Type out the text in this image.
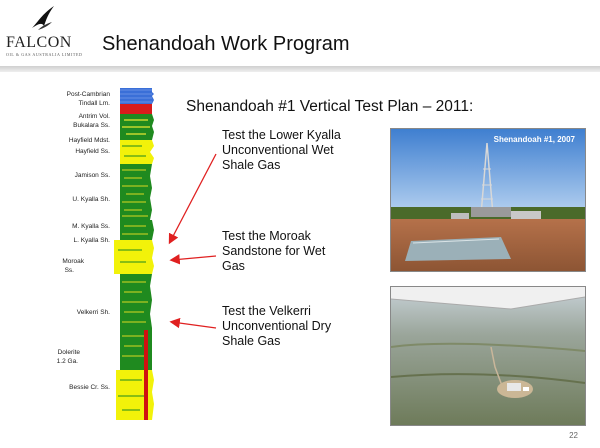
FALCON
OIL & GAS AUSTRALIA LIMITED Shenandoah Work Program
Post-Cambrian
Tindall Lm.
Antrim Vol.
Bukalara Ss.
Hayfield Mdst.
Hayfield Ss.
Jamison Ss.
U. Kyalla Sh.
M. Kyalla Ss.
L. Kyalla Sh.
Moroak
Ss.
Velkerri Sh.
Dolerite
1.2 Ga.
Bessie Cr. Ss.
Shenandoah #1 Vertical Test Plan – 2011:
Test the Lower Kyalla
Unconventional Wet
Shale Gas
Test the Moroak
Sandstone for Wet
Gas
Test the Velkerri
Unconventional Dry
Shale Gas
Shenandoah #1, 2007
22
